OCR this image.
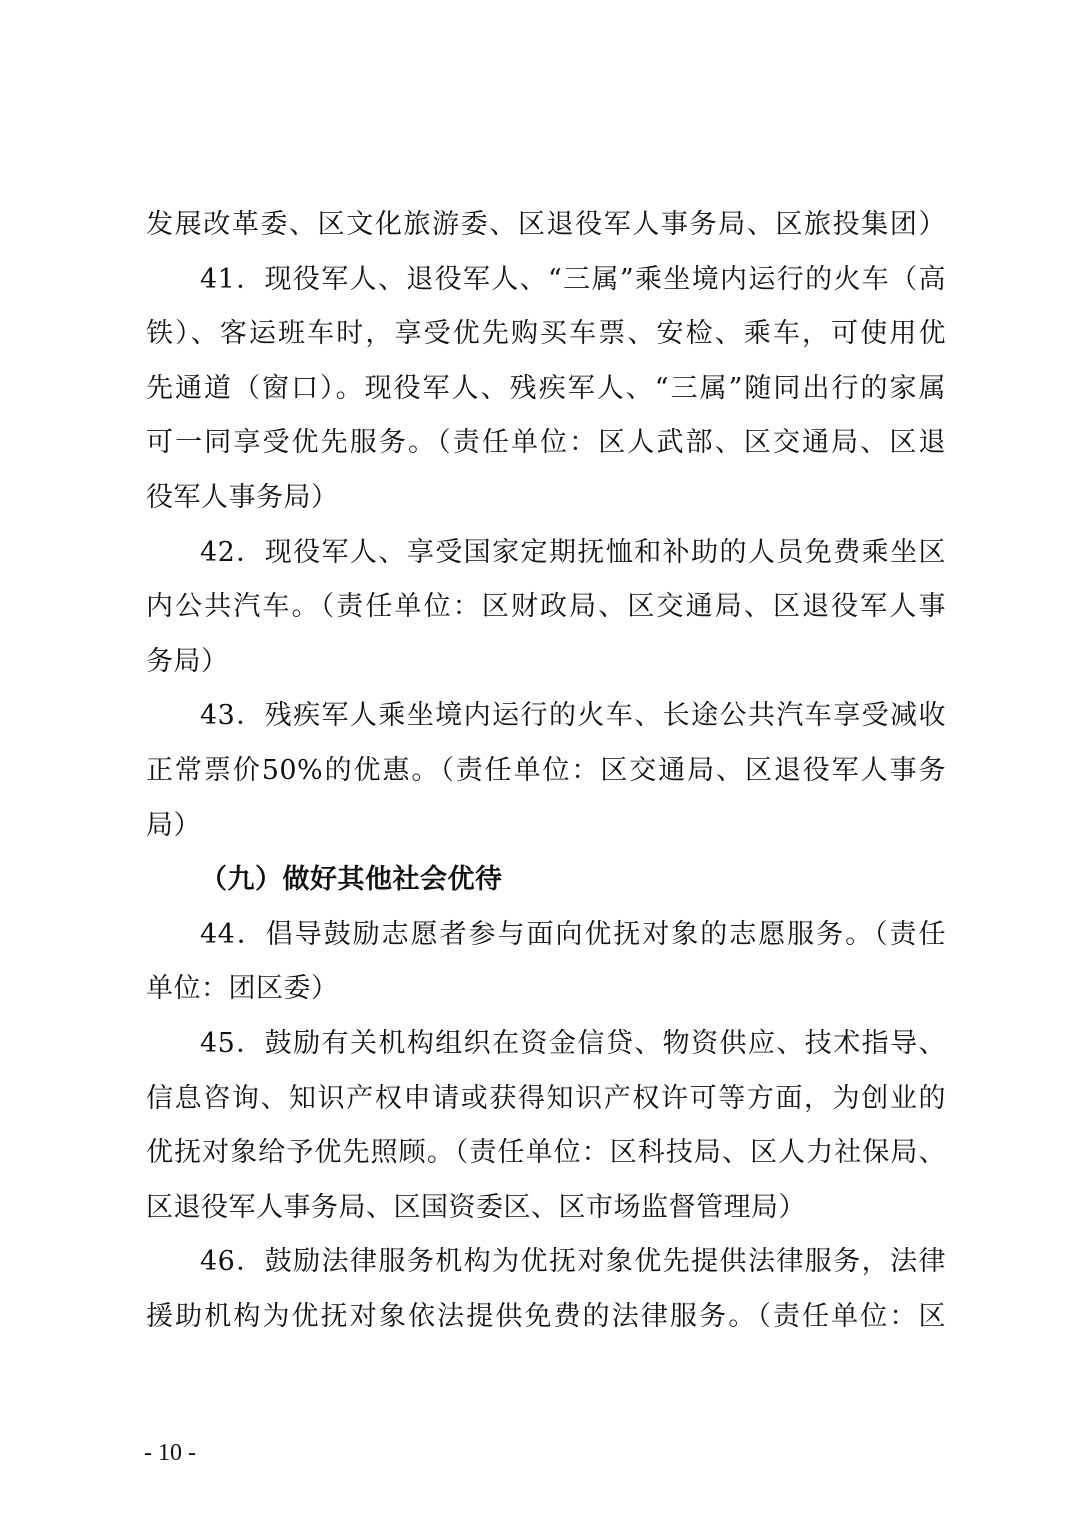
发展改革委、区文化旅游委、区退役军人事务局、区旅投集团）
41．现役军人、退役军人、“三属”乘坐境内运行的火车（高
铁）、客运班车时，享受优先购买车票、安检、乘车，可使用优
先通道（窗口）。现役军人、残疾军人、“三属”随同出行的家属
可一同享受优先服务。（责任单位：区人武部、区交通局、区退
役军人事务局）
42．现役军人、享受国家定期抚恤和补助的人员免费乘坐区
内公共汽车。（责任单位：区财政局、区交通局、区退役军人事
务局）
43．残疾军人乘坐境内运行的火车、长途公共汽车享受减收
正常票价50%的优惠。（责任单位：区交通局、区退役军人事务
局）
（九）做好其他社会优待
44．倡导鼓励志愿者参与面向优抚对象的志愿服务。（责任
单位：团区委）
45．鼓励有关机构组织在资金信贷、物资供应、技术指导、
信息咨询、知识产权申请或获得知识产权许可等方面，为创业的
优抚对象给予优先照顾。（责任单位：区科技局、区人力社保局、
区退役军人事务局、区国资委区、区市场监督管理局）
46．鼓励法律服务机构为优抚对象优先提供法律服务，法律
援助机构为优抚对象依法提供免费的法律服务。（责任单位：区
- 10 -
